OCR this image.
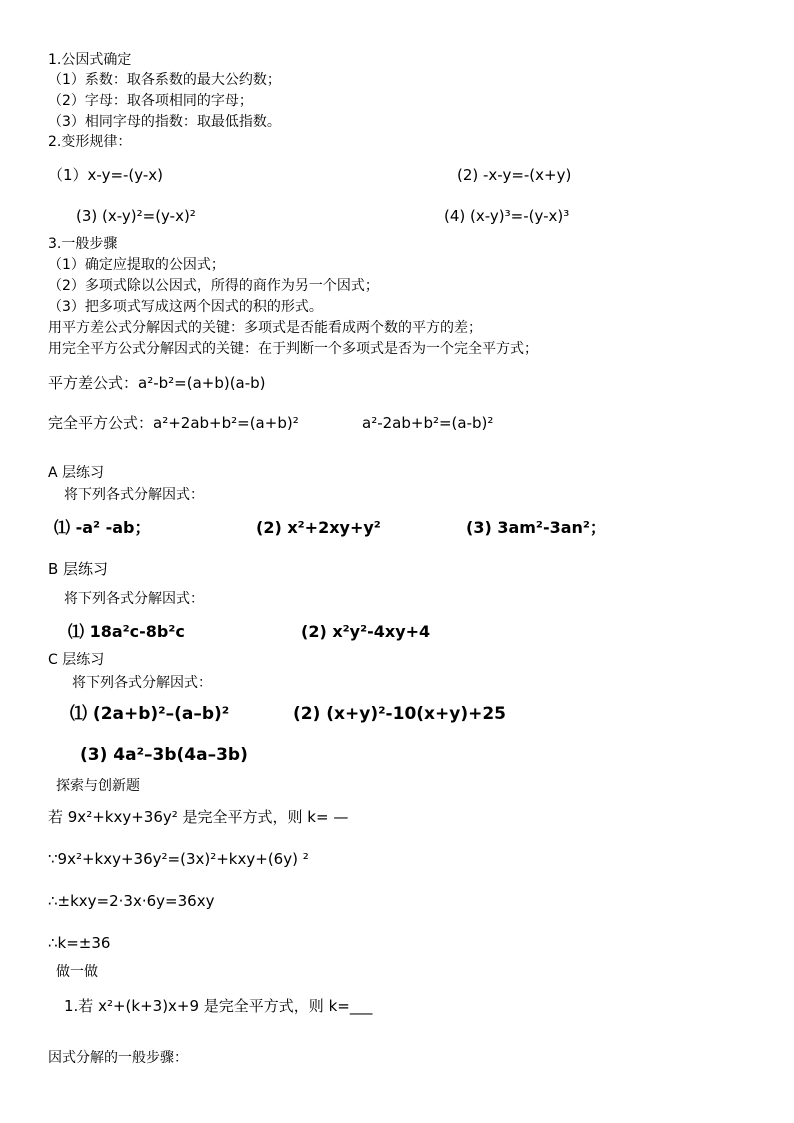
1.公因式确定
（1）系数：取各系数的最大公约数；
（2）字母：取各项相同的字母；
（3）相同字母的指数：取最低指数。
2.变形规律：
（1）x-y=-(y-x)	(2) -x-y=-(x+y)
(3) (x-y)²=(y-x)²	(4) (x-y)³=-(y-x)³
3.一般步骤
（1）确定应提取的公因式；
（2）多项式除以公因式，所得的商作为另一个因式；
（3）把多项式写成这两个因式的积的形式。
用平方差公式分解因式的关键：多项式是否能看成两个数的平方的差；
用完全平方公式分解因式的关键：在于判断一个多项式是否为一个完全平方式；
平方差公式：a²-b²=(a+b)(a-b)
完全平方公式：a²+2ab+b²=(a+b)²	a²-2ab+b²=(a-b)²
A 层练习
将下列各式分解因式：
⑴ -a² -ab；	(2) x²+2xy+y²	(3) 3am²-3an²；
B 层练习
将下列各式分解因式：
⑴ 18a²c-8b²c	(2) x²y²-4xy+4
C 层练习
将下列各式分解因式：
⑴ (2a+b)²–(a–b)²	(2) (x+y)²-10(x+y)+25
(3) 4a²–3b(4a–3b)
探索与创新题
若 9x²+kxy+36y² 是完全平方式，则 k= —
∵9x²+kxy+36y²=(3x)²+kxy+(6y) ²
∴±kxy=2·3x·6y=36xy
∴k=±36
做一做
1.若 x²+(k+3)x+9 是完全平方式，则 k=___
因式分解的一般步骤：
